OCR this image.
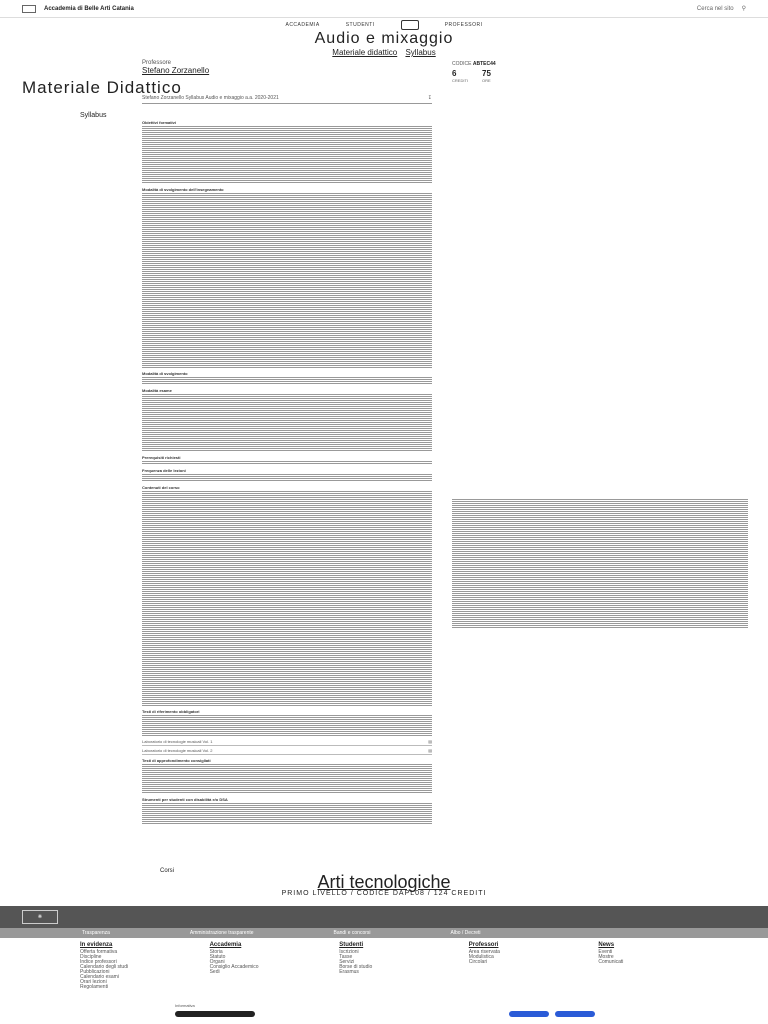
Accademia di Belle Arti Catania	Cerca nel sito ⚲
ACCADEMIA	STUDENTI	PROFESSORI
Audio e mixaggio
Materiale didattico Syllabus
Professore
Stefano Zorzanello
CODICE ABTEC44
6
CREDITI
75
ORE
Materiale Didattico
Stefano Zorzanello Syllabus Audio e mixaggio a.a. 2020-2021	↧
Syllabus
Obiettivi formativi
Modalità di svolgimento dell'insegnamento
Modalità di svolgimento
Modalità esame
Prerequisiti richiesti
Frequenza delle lezioni
Contenuti del corso
Testi di riferimento obbligatori
Laboratorio di tecnologie musicali Vol. 1	▤
Laboratorio di tecnologie musicali Vol. 2	▤
Testi di approfondimento consigliati
Strumenti per studenti con disabilità e/o DSA
Corsi
Arti tecnologiche
PRIMO LIVELLO / CODICE DAPL08 / 124 CREDITI
❋
Trasparenza	Amministrazione trasparente	Bandi e concorsi	Albo / Decreti
In evidenza
Offerta formativa
Discipline
Indice professori
Calendario degli studi
Pubblicazioni
Calendario esami
Orari lezioni
Regolamenti
Accademia
Storia
Statuto
Organi
Consiglio Accademico
Sedi
Studenti
Iscrizioni
Tasse
Servizi
Borse di studio
Erasmus
Professori
Area riservata
Modulistica
Circolari
News
Eventi
Mostre
Comunicati
Informativa
